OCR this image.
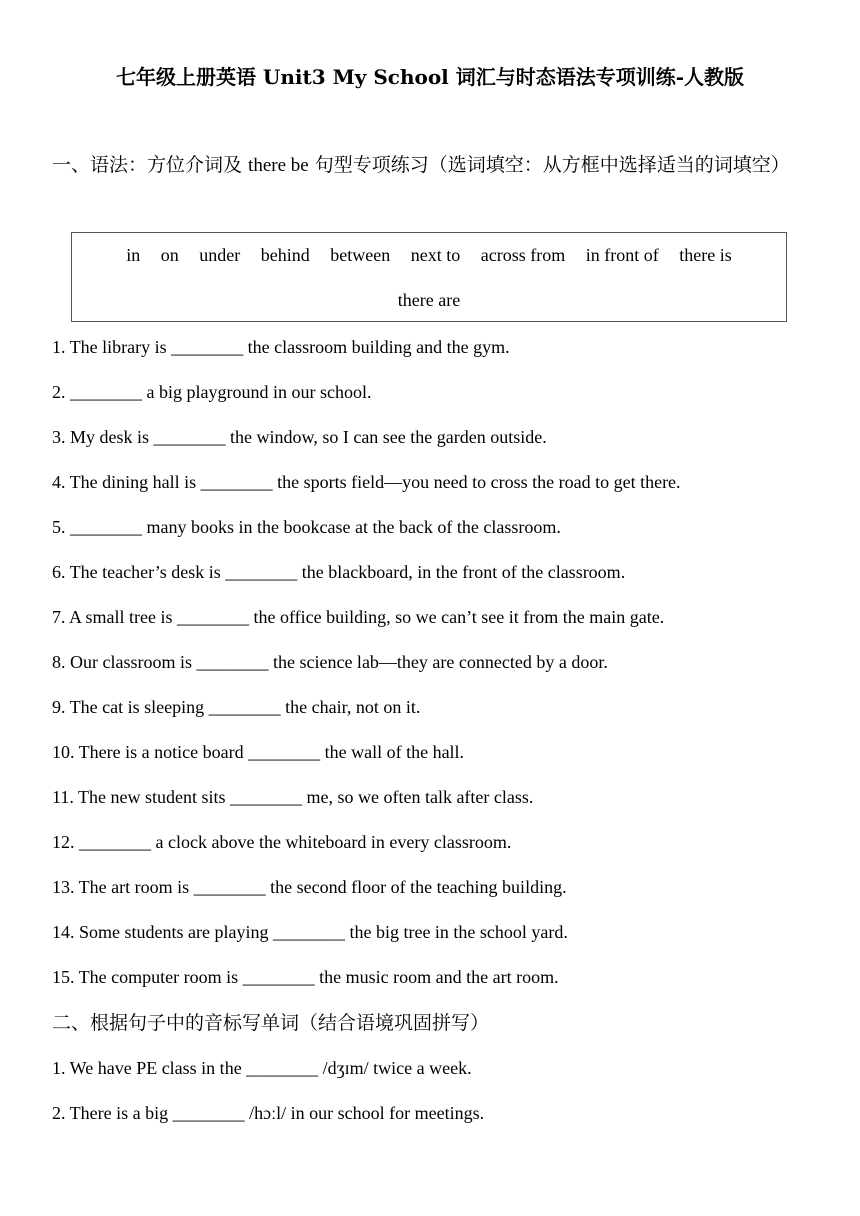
七年级上册英语 Unit3 My School 词汇与时态语法专项训练-人教版
一、语法：方位介词及 there be 句型专项练习（选词填空：从方框中选择适当的词填空）
in on under behind between next to across from in front of there is there are
1. The library is ________ the classroom building and the gym.
2. ________ a big playground in our school.
3. My desk is ________ the window, so I can see the garden outside.
4. The dining hall is ________ the sports field—you need to cross the road to get there.
5. ________ many books in the bookcase at the back of the classroom.
6. The teacher’s desk is ________ the blackboard, in the front of the classroom.
7. A small tree is ________ the office building, so we can’t see it from the main gate.
8. Our classroom is ________ the science lab—they are connected by a door.
9. The cat is sleeping ________ the chair, not on it.
10. There is a notice board ________ the wall of the hall.
11. The new student sits ________ me, so we often talk after class.
12. ________ a clock above the whiteboard in every classroom.
13. The art room is ________ the second floor of the teaching building.
14. Some students are playing ________ the big tree in the school yard.
15. The computer room is ________ the music room and the art room.
二、根据句子中的音标写单词（结合语境巩固拼写）
1. We have PE class in the ________ /dʒɪm/ twice a week.
2. There is a big ________ /hɔːl/ in our school for meetings.
